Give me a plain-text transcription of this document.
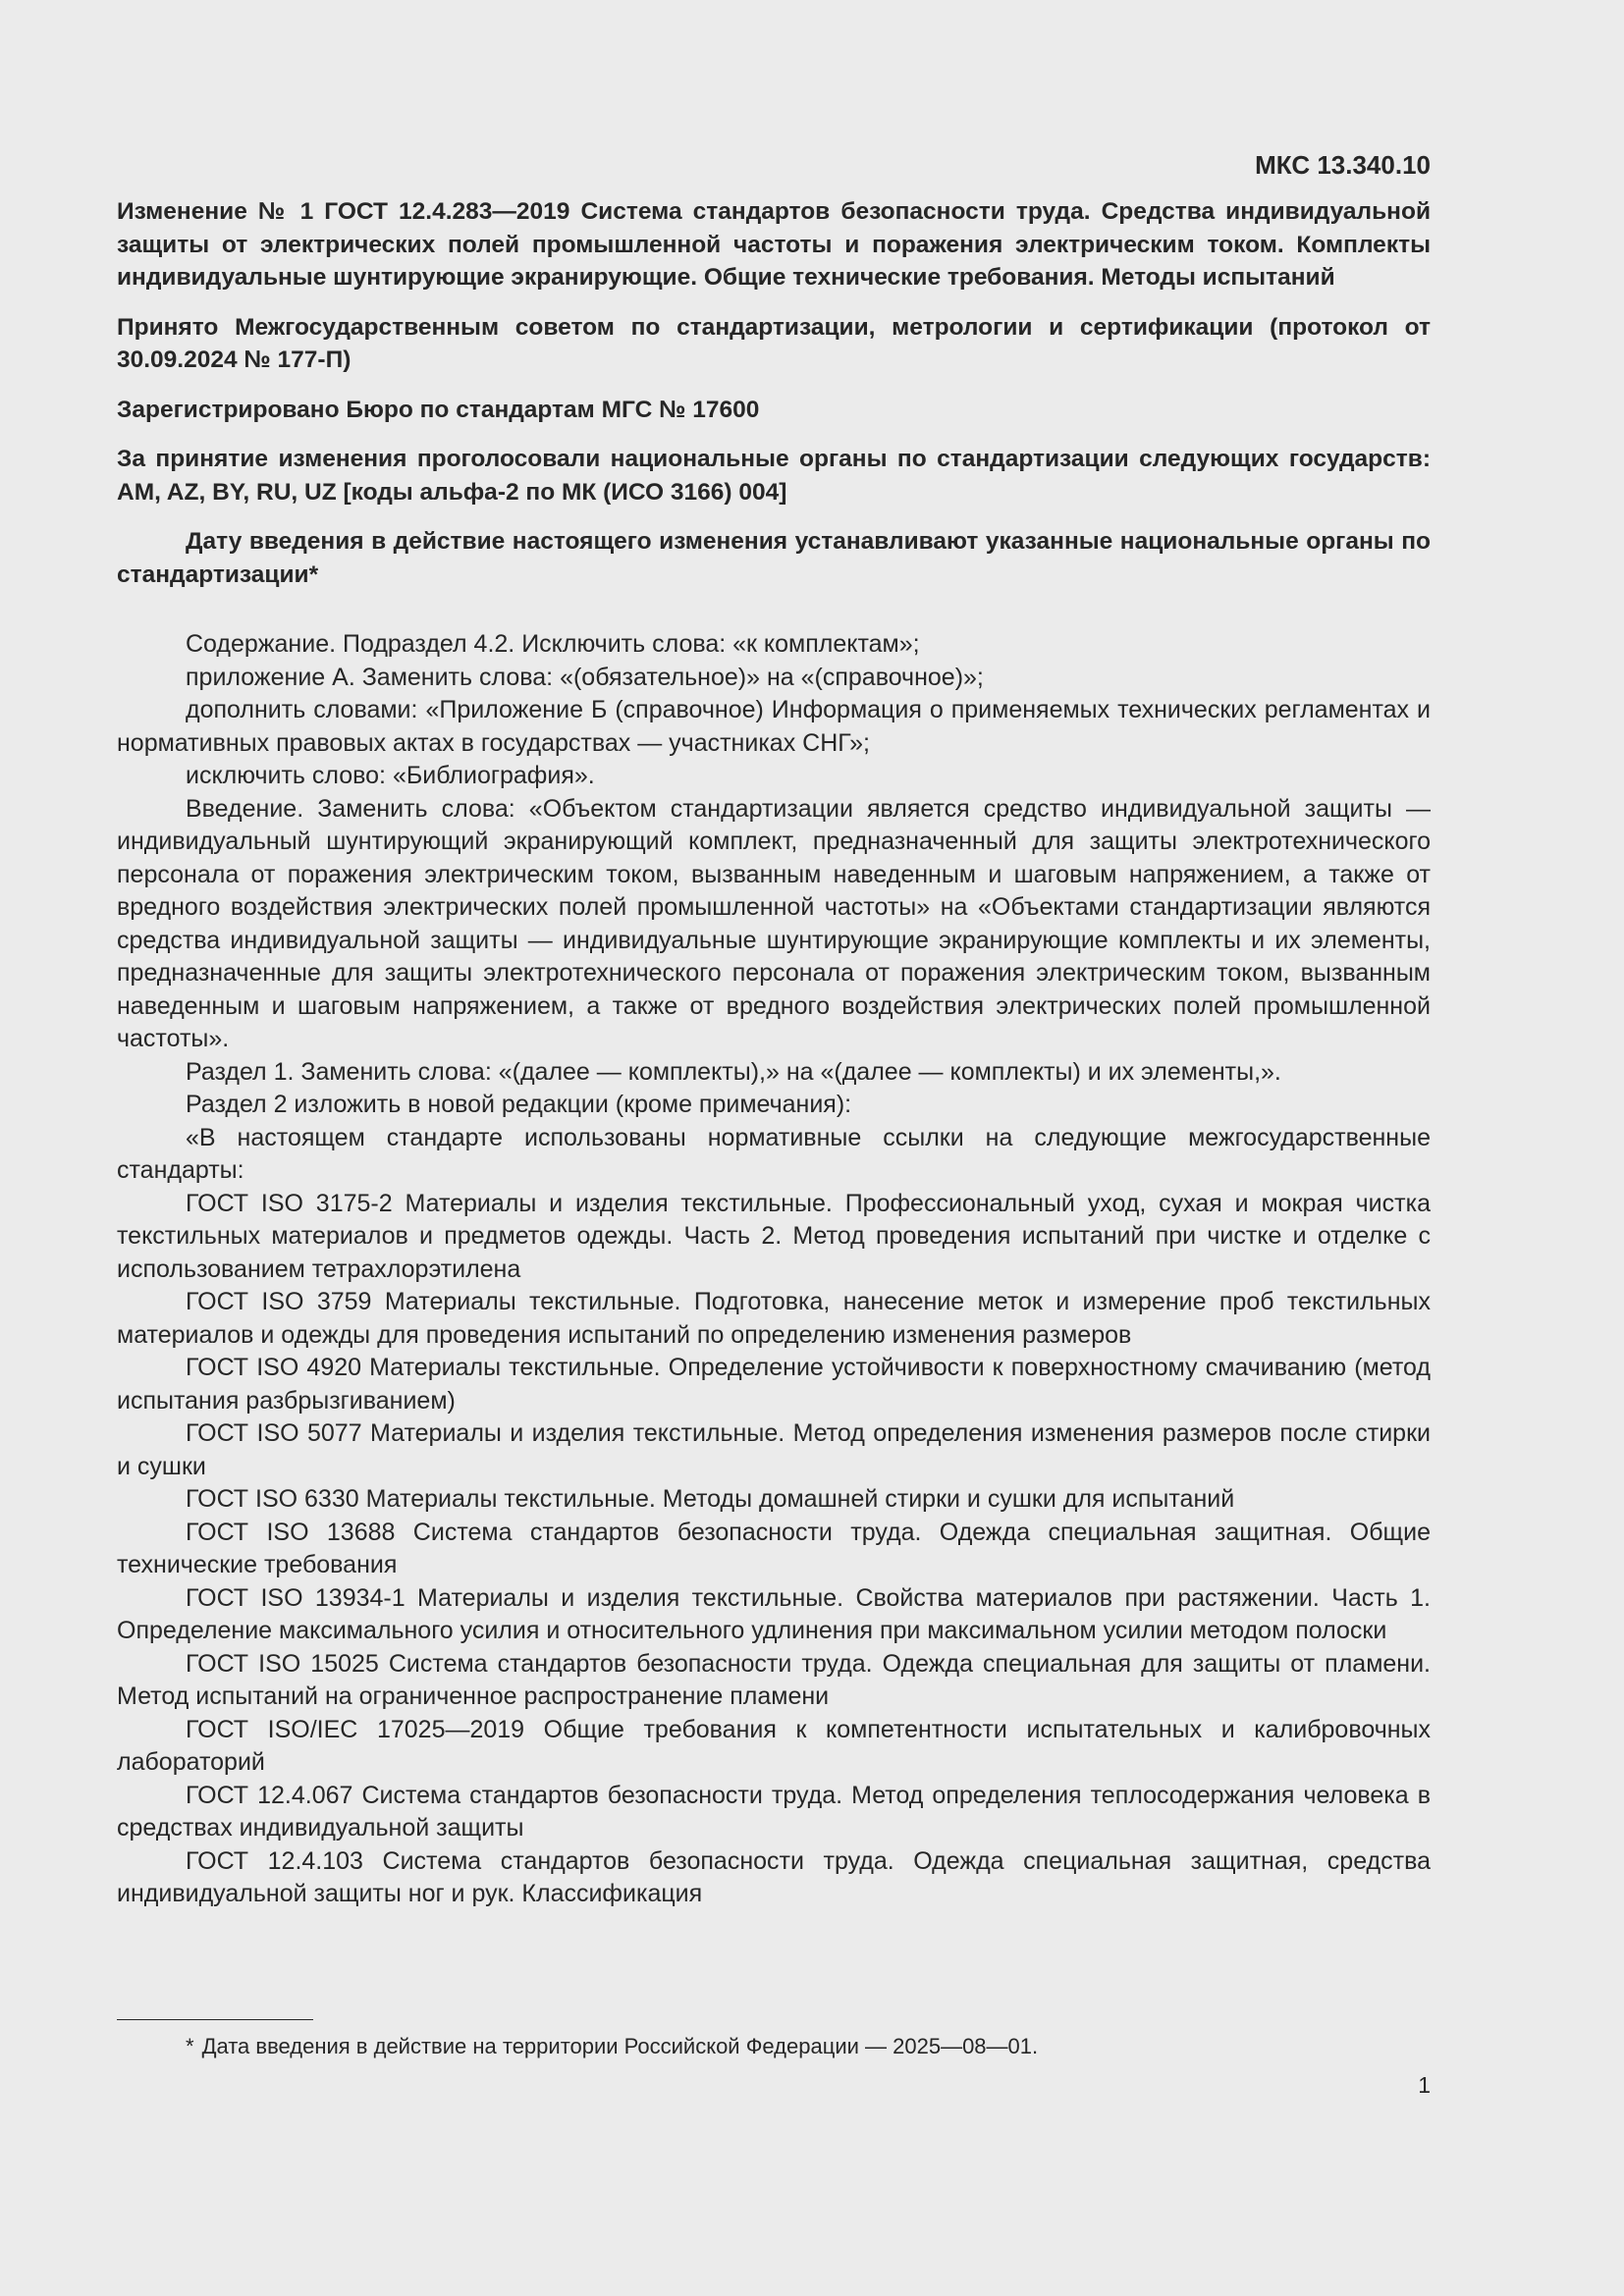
МКС 13.340.10
Изменение № 1 ГОСТ 12.4.283—2019 Система стандартов безопасности труда. Средства индивидуальной защиты от электрических полей промышленной частоты и поражения электрическим током. Комплекты индивидуальные шунтирующие экранирующие. Общие технические требования. Методы испытаний
Принято Межгосударственным советом по стандартизации, метрологии и сертификации (протокол от 30.09.2024 № 177-П)
Зарегистрировано Бюро по стандартам МГС № 17600
За принятие изменения проголосовали национальные органы по стандартизации следующих государств: AM, AZ, BY, RU, UZ [коды альфа-2 по МК (ИСО 3166) 004]
Дату введения в действие настоящего изменения устанавливают указанные национальные органы по стандартизации*

Содержание. Подраздел 4.2. Исключить слова: «к комплектам»;

приложение А. Заменить слова: «(обязательное)» на «(справочное)»;

дополнить словами: «Приложение Б (справочное) Информация о применяемых технических регламентах и нормативных правовых актах в государствах — участниках СНГ»;

исключить слово: «Библиография».

Введение. Заменить слова: «Объектом стандартизации является средство индивидуальной защиты — индивидуальный шунтирующий экранирующий комплект, предназначенный для защиты электротехнического персонала от поражения электрическим током, вызванным наведенным и шаговым напряжением, а также от вредного воздействия электрических полей промышленной частоты» на «Объектами стандартизации являются средства индивидуальной защиты — индивидуальные шунтирующие экранирующие комплекты и их элементы, предназначенные для защиты электротехнического персонала от поражения электрическим током, вызванным наведенным и шаговым напряжением, а также от вредного воздействия электрических полей промышленной частоты».

Раздел 1. Заменить слова: «(далее — комплекты),» на «(далее — комплекты) и их элементы,».

Раздел 2 изложить в новой редакции (кроме примечания):

«В настоящем стандарте использованы нормативные ссылки на следующие межгосударственные стандарты:

ГОСТ ISO 3175-2 Материалы и изделия текстильные. Профессиональный уход, сухая и мокрая чистка текстильных материалов и предметов одежды. Часть 2. Метод проведения испытаний при чистке и отделке с использованием тетрахлорэтилена

ГОСТ ISO 3759 Материалы текстильные. Подготовка, нанесение меток и измерение проб текстильных материалов и одежды для проведения испытаний по определению изменения размеров

ГОСТ ISO 4920 Материалы текстильные. Определение устойчивости к поверхностному смачиванию (метод испытания разбрызгиванием)

ГОСТ ISO 5077 Материалы и изделия текстильные. Метод определения изменения размеров после стирки и сушки

ГОСТ ISO 6330 Материалы текстильные. Методы домашней стирки и сушки для испытаний

ГОСТ ISO 13688 Система стандартов безопасности труда. Одежда специальная защитная. Общие технические требования

ГОСТ ISO 13934-1 Материалы и изделия текстильные. Свойства материалов при растяжении. Часть 1. Определение максимального усилия и относительного удлинения при максимальном усилии методом полоски

ГОСТ ISO 15025 Система стандартов безопасности труда. Одежда специальная для защиты от пламени. Метод испытаний на ограниченное распространение пламени

ГОСТ ISO/IEC 17025—2019 Общие требования к компетентности испытательных и калибровочных лабораторий

ГОСТ 12.4.067 Система стандартов безопасности труда. Метод определения теплосодержания человека в средствах индивидуальной защиты

ГОСТ 12.4.103 Система стандартов безопасности труда. Одежда специальная защитная, средства индивидуальной защиты ног и рук. Классификация

* Дата введения в действие на территории Российской Федерации — 2025—08—01.
1
